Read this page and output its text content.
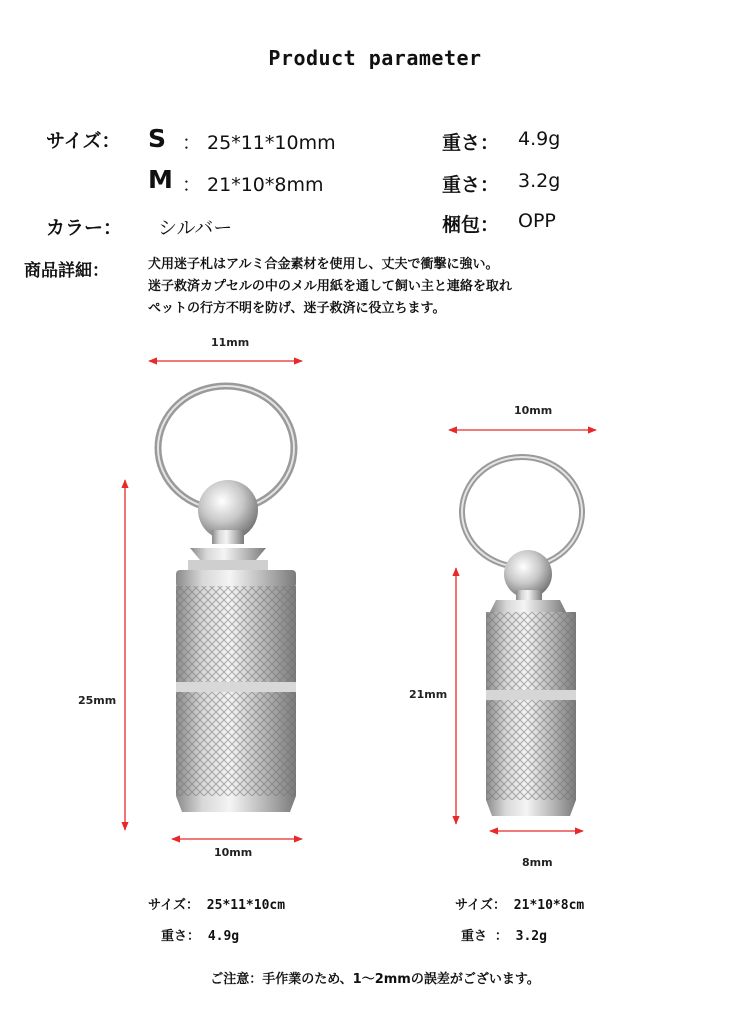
Product parameter
サイズ： S ： 25*11*10mm	重さ： 4.9g
M ： 21*10*8mm	重さ： 3.2g
カラー： シルバー	梱包： OPP
商品詳細：	犬用迷子札はアルミ合金素材を使用し、丈夫で衝撃に強い。
迷子救済カプセルの中のメル用紙を通して飼い主と連絡を取れ
ペットの行方不明を防げ、迷子救済に役立ちます。
11mm
25mm
10mm
10mm
21mm
8mm
サイズ： 25*11*10cm
重さ： 4.9g
サイズ： 21*10*8cm
重さ ： 3.2g
ご注意：手作業のため、1～2mmの誤差がございます。
